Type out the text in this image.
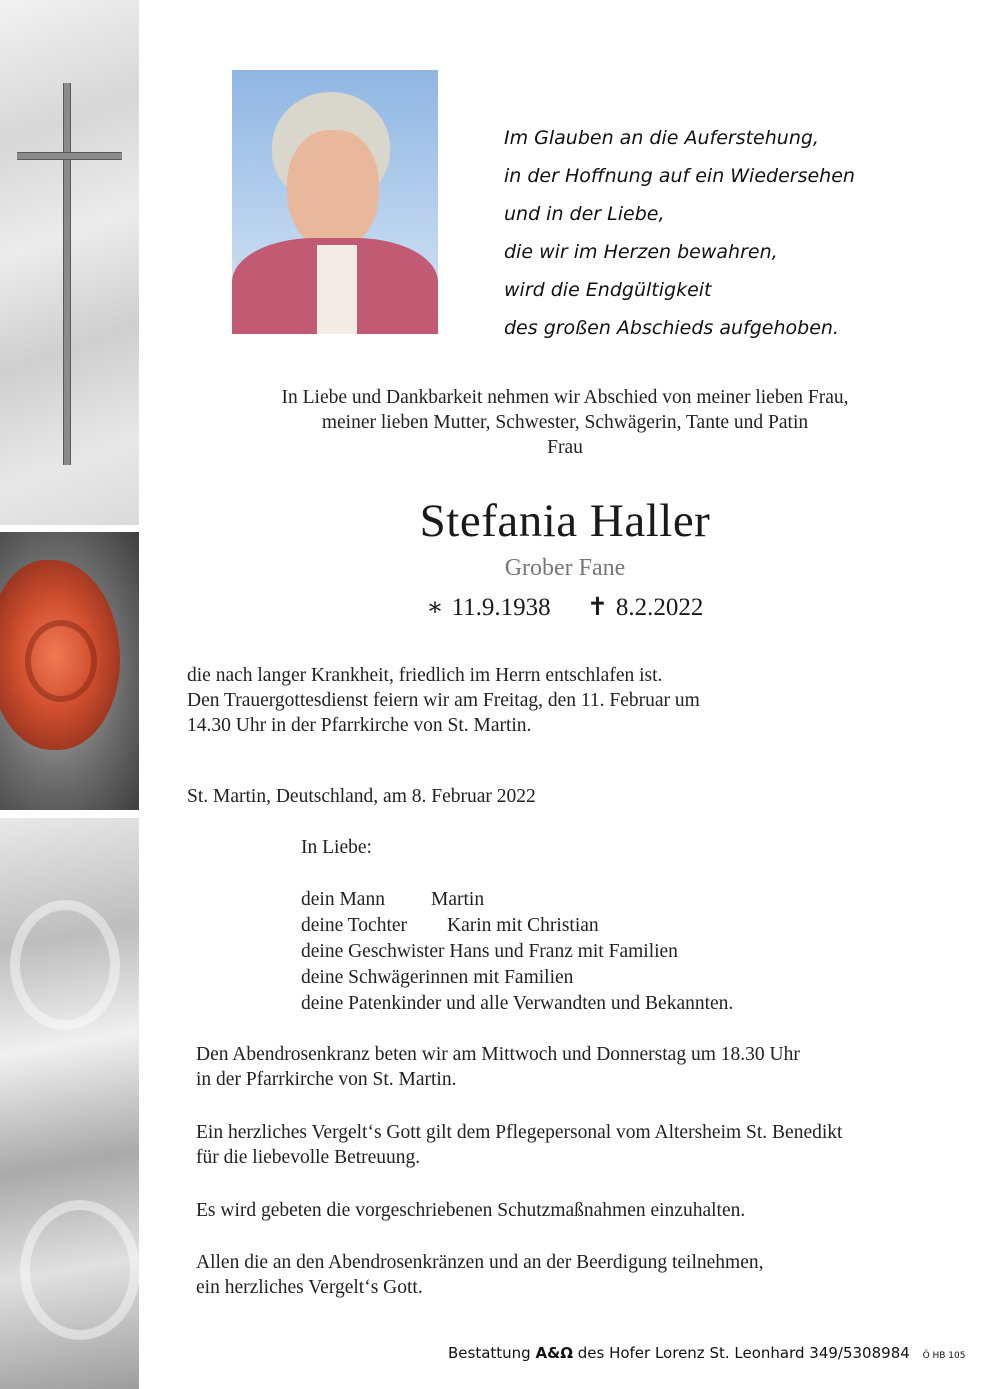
Im Glauben an die Auferstehung,
in der Hoffnung auf ein Wiedersehen
und in der Liebe,
die wir im Herzen bewahren,
wird die Endgültigkeit
des großen Abschieds aufgehoben.
In Liebe und Dankbarkeit nehmen wir Abschied von meiner lieben Frau,
meiner lieben Mutter, Schwester, Schwägerin, Tante und Patin
Frau
Stefania Haller
Grober Fane
∗ 11.9.1938 ✝ 8.2.2022
die nach langer Krankheit, friedlich im Herrn entschlafen ist.
Den Trauergottesdienst feiern wir am Freitag, den 11. Februar um
14.30 Uhr in der Pfarrkirche von St. Martin.
St. Martin, Deutschland, am 8. Februar 2022
In Liebe:
dein Mann Martin
deine Tochter Karin mit Christian
deine Geschwister Hans und Franz mit Familien
deine Schwägerinnen mit Familien
deine Patenkinder und alle Verwandten und Bekannten.
Den Abendrosenkranz beten wir am Mittwoch und Donnerstag um 18.30 Uhr
in der Pfarrkirche von St. Martin.
Ein herzliches Vergelt‘s Gott gilt dem Pflegepersonal vom Altersheim St. Benedikt
für die liebevolle Betreuung.
Es wird gebeten die vorgeschriebenen Schutzmaßnahmen einzuhalten.
Allen die an den Abendrosenkränzen und an der Beerdigung teilnehmen,
ein herzliches Vergelt‘s Gott.
Bestattung A&Ω des Hofer Lorenz St. Leonhard 349/5308984 Ö HB 105
